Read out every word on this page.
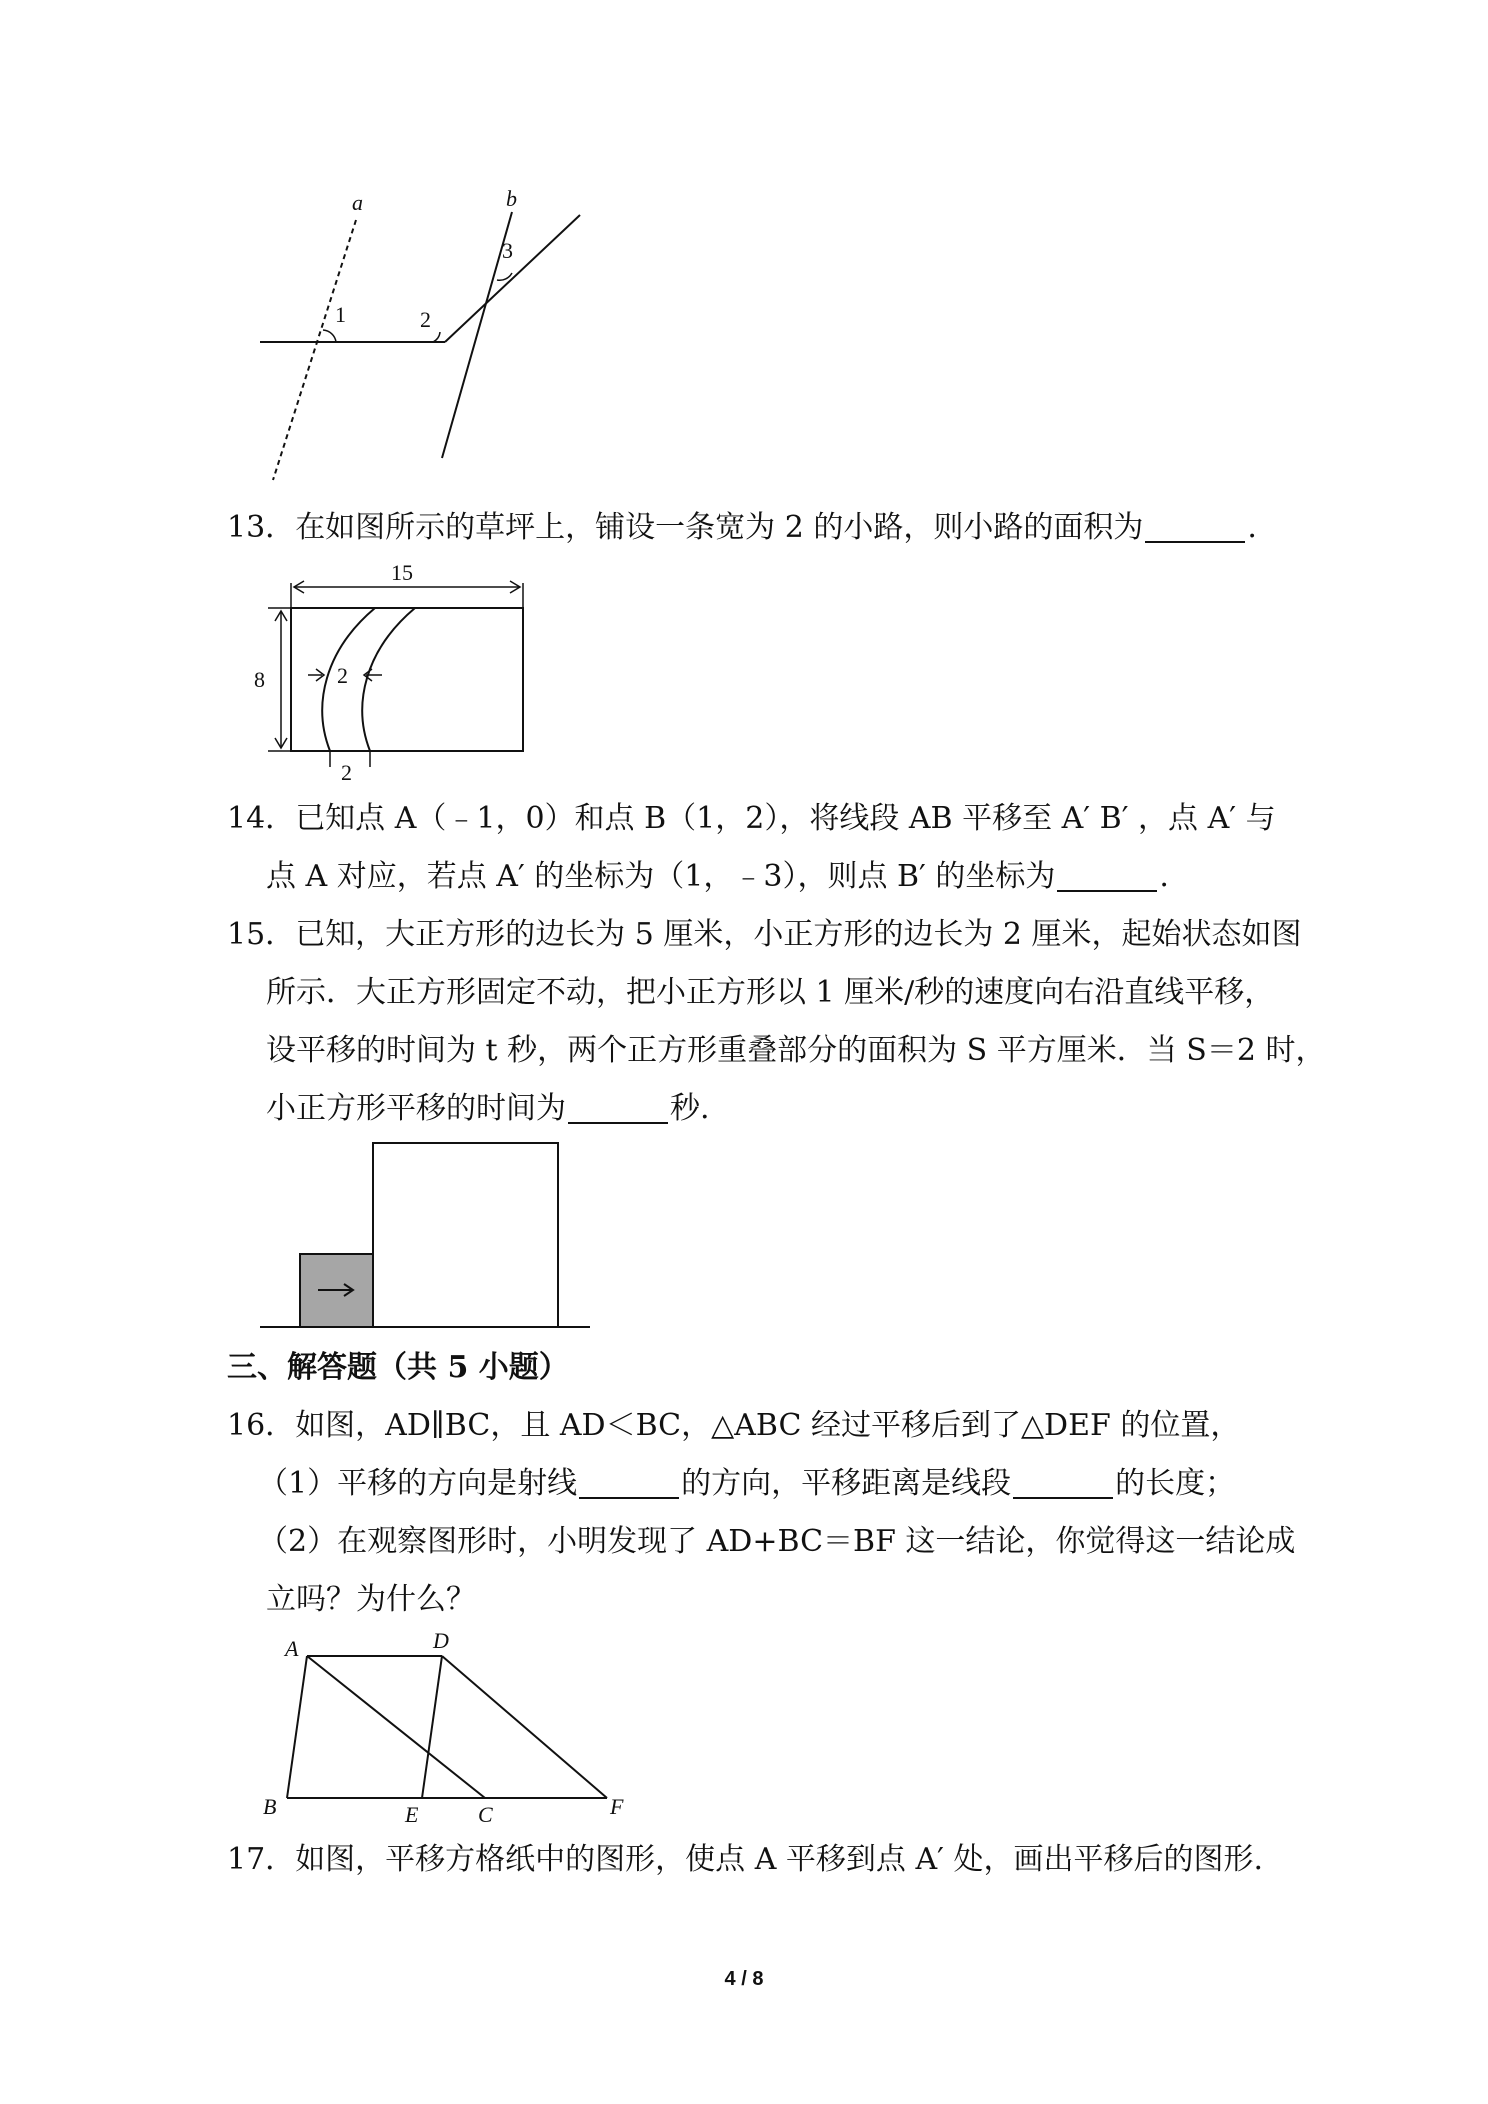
a	b
1	2
3
13．在如图所示的草坪上，铺设一条宽为 2 的小路，则小路的面积为	.
15
8	2
2
14．已知点 A（﹣1，0）和点 B（1，2），将线段 AB 平移至 A′ B′ ，点 A′ 与
点 A 对应，若点 A′ 的坐标为（1，﹣3），则点 B′ 的坐标为	.
15．已知，大正方形的边长为 5 厘米，小正方形的边长为 2 厘米，起始状态如图
所示．大正方形固定不动，把小正方形以 1 厘米/秒的速度向右沿直线平移，
设平移的时间为 t 秒，两个正方形重叠部分的面积为 S 平方厘米．当 S＝2 时，
小正方形平移的时间为	秒.
三、解答题（共 5 小题）
16．如图，AD∥BC，且 AD＜BC，△ABC 经过平移后到了△DEF 的位置，
（1）平移的方向是射线	的方向，平移距离是线段	的长度；
（2）在观察图形时，小明发现了 AD+BC＝BF 这一结论，你觉得这一结论成
立吗？为什么？
A	D
B	E	C	F
17．如图，平移方格纸中的图形，使点 A 平移到点 A′ 处，画出平移后的图形.
4 / 8
